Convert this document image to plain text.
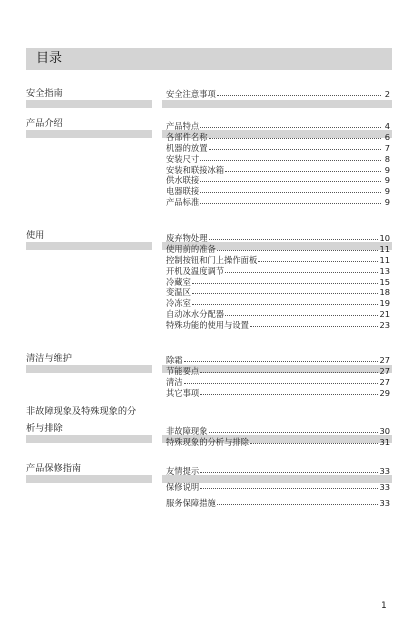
目录
安全指南	安全注意事项	2
产品介绍	产品特点	4
各部件名称	6
机器的放置	7
安装尺寸	8
安装和联接冰箱	9
供水联接	9
电器联接	9
产品标准	9
使用	废弃物处理	10
使用前的准备	11
控制按钮和门上操作面板	11
开机及温度调节	13
冷藏室	15
变温区	18
冷冻室	19
自动冰水分配器	21
特殊功能的使用与设置	23
清洁与维护	除霜	27
节能要点	27
清洁	27
其它事项	29
非故障现象及特殊现象的分
析与排除	非故障现象	30
特殊现象的分析与排除	31
产品保修指南	友情提示	33
保修说明	33
服务保障措施	33
1
